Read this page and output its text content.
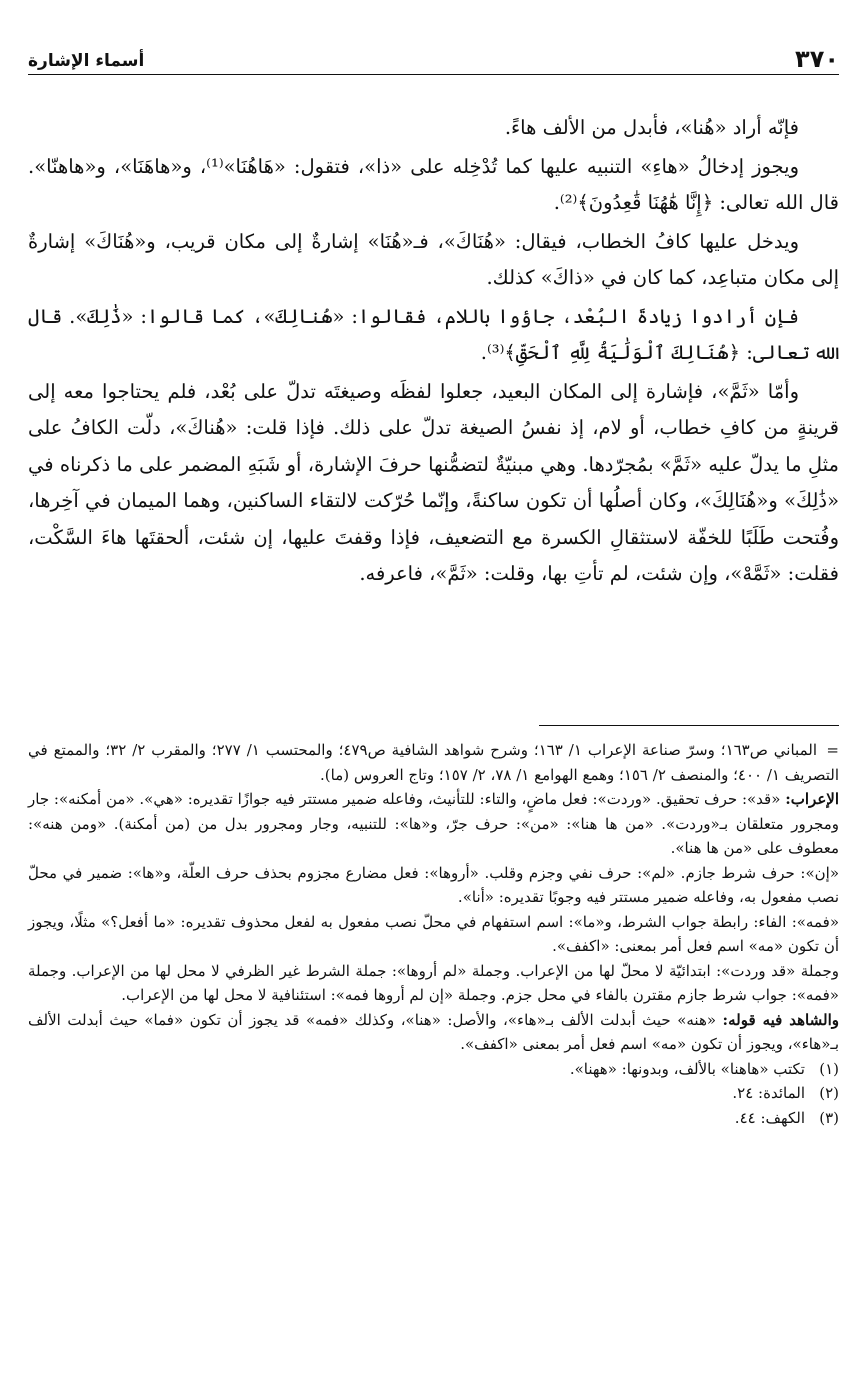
أسماء الإشارة	٣٧٠

فإنّه أراد «هُنا»، فأبدل من الألف هاءً.

ويجوز إدخالُ «هاءِ» التنبيه عليها كما تُدْخِله على «ذا»، فتقول: «هَاهُنَا»⁽¹⁾، و«هاهَنَا»، و«هاهنّا». قال الله تعالى: ﴿إِنَّا هَٰهُنَا قَٰعِدُونَ﴾⁽²⁾.

ويدخل عليها كافُ الخطاب، فيقال: «هُنَاكَ»، فـ«هُنَا» إشارةٌ إلى مكان قريب، و«هُنَاكَ» إشارةٌ إلى مكان متباعِد، كما كان في «ذاكَ» كذلك.

فإن أرادوا زيادةَ البُعْد، جاؤوا باللام، فقالوا: «هُنالِكَ»، كما قالوا: «ذَٰلِكَ». قال الله تعالى: ﴿هُنَالِكَ ٱلْوَلَٰيَةُ لِلَّهِ ٱلْحَقِّ﴾⁽³⁾.

وأمّا «ثَمَّ»، فإشارة إلى المكان البعيد، جعلوا لفظَه وصيغتَه تدلّ على بُعْد، فلم يحتاجوا معه إلى قرينةٍ من كافِ خطاب، أو لام، إذ نفسُ الصيغة تدلّ على ذلك. فإذا قلت: «هُناكَ»، دلّت الكافُ على مثلِ ما يدلّ عليه «ثَمَّ» بمُجرّدها. وهي مبنيّةٌ لتضمُّنها حرفَ الإشارة، أو شَبَهِ المضمر على ما ذكرناه في «ذَٰلِكَ» و«هُنَالِكَ»، وكان أصلُها أن تكون ساكنةً، وإنّما حُرّكت لالتقاء الساكنين، وهما الميمان في آخِرها، وفُتحت طَلَبًا للخفّة لاستثقالِ الكسرة مع التضعيف، فإذا وقفتَ عليها، إن شئت، ألحقتَها هاءَ السَّكْت، فقلت: «ثَمَّهْ»، وإن شئت، لم تأتِ بها، وقلت: «ثَمَّ»، فاعرفه.

=المباني ص١٦٣؛ وسرّ صناعة الإعراب ١/ ١٦٣؛ وشرح شواهد الشافية ص٤٧٩؛ والمحتسب ١/ ٢٧٧؛ والمقرب ٢/ ٣٢؛ والممتع في التصريف ١/ ٤٠٠؛ والمنصف ٢/ ١٥٦؛ وهمع الهوامع ١/ ٧٨، ٢/ ١٥٧؛ وتاج العروس (ما).

الإعراب: «قد»: حرف تحقيق. «وردت»: فعل ماضٍ، والتاء: للتأنيث، وفاعله ضمير مستتر فيه جوازًا تقديره: «هي». «من أمكنه»: جار ومجرور متعلقان بـ«وردت». «من ها هنا»: «من»: حرف جرّ، و«ها»: للتنبيه، وجار ومجرور بدل من (من أمكنة). «ومن هنه»: معطوف على «من ها هنا».

«إن»: حرف شرط جازم. «لم»: حرف نفي وجزم وقلب. «أروها»: فعل مضارع مجزوم بحذف حرف العلّة، و«ها»: ضمير في محلّ نصب مفعول به، وفاعله ضمير مستتر فيه وجوبًا تقديره: «أنا».

«فمه»: الفاء: رابطة جواب الشرط، و«ما»: اسم استفهام في محلّ نصب مفعول به لفعل محذوف تقديره: «ما أفعل؟» مثلًا، ويجوز أن تكون «مه» اسم فعل أمر بمعنى: «اكفف».

وجملة «قد وردت»: ابتدائيّة لا محلّ لها من الإعراب. وجملة «لم أروها»: جملة الشرط غير الظرفي لا محل لها من الإعراب. وجملة «فمه»: جواب شرط جازم مقترن بالفاء في محل جزم. وجملة «إن لم أروها فمه»: استئنافية لا محل لها من الإعراب.

والشاهد فيه قوله: «هنه» حيث أبدلت الألف بـ«هاء»، والأصل: «هنا»، وكذلك «فمه» قد يجوز أن تكون «فما» حيث أبدلت الألف بـ«هاء»، ويجوز أن تكون «مه» اسم فعل أمر بمعنى «اكفف».

(١)
تكتب «هاهنا» بالألف، وبدونها: «ههنا».
(٢)
المائدة: ٢٤.
(٣)
الكهف: ٤٤.
